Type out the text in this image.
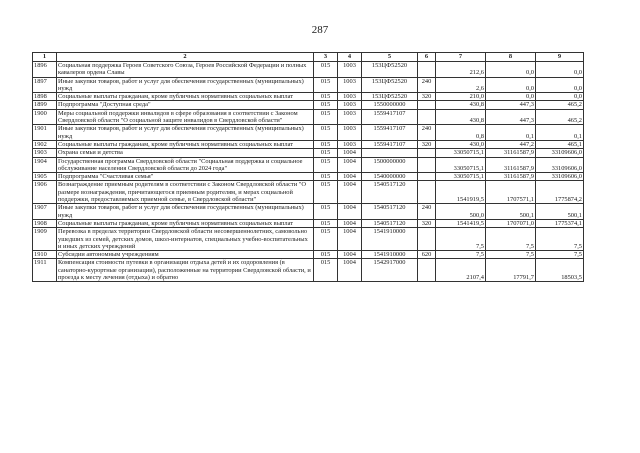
287
1	2	3	4	5	6	7	8	9
1896	Социальная поддержка Героев Советского Союза, Героев Российской Федерации и полных кавалеров ордена Славы	015	1003	153ЦФ52520		212,6	0,0	0,0
1897	Иные закупки товаров, работ и услуг для обеспечения государственных (муниципальных) нужд	015	1003	153ЦФ52520	240	2,6	0,0	0,0
1898	Социальные выплаты гражданам, кроме публичных нормативных социальных выплат	015	1003	153ЦФ52520	320	210,0	0,0	0,0
1899	Подпрограмма "Доступная среда"	015	1003	1550000000		430,8	447,3	465,2
1900	Меры социальной поддержки инвалидов в сфере образования в соответствии с Законом Свердловской области "О социальной защите инвалидов в Свердловской области"	015	1003	1559417107		430,8	447,3	465,2
1901	Иные закупки товаров, работ и услуг для обеспечения государственных (муниципальных) нужд	015	1003	1559417107	240	0,8	0,1	0,1
1902	Социальные выплаты гражданам, кроме публичных нормативных социальных выплат	015	1003	1559417107	320	430,0	447,2	465,1
1903	Охрана семьи и детства	015	1004			33050715,1	31161587,9	33109606,0
1904	Государственная программа Свердловской области "Социальная поддержка и социальное обслуживание населения Свердловской области до 2024 года"	015	1004	1500000000		33050715,1	31161587,9	33109606,0
1905	Подпрограмма "Счастливая семья"	015	1004	1540000000		33050715,1	31161587,9	33109606,0
1906	Вознаграждение приемным родителям в соответствии с Законом Свердловской области "О размере вознаграждения, причитающегося приемным родителям, и мерах социальной поддержки, предоставляемых приемной семье, в Свердловской области"	015	1004	1540517120		1541919,5	1707571,1	1775874,2
1907	Иные закупки товаров, работ и услуг для обеспечения государственных (муниципальных) нужд	015	1004	1540517120	240	500,0	500,1	500,1
1908	Социальные выплаты гражданам, кроме публичных нормативных социальных выплат	015	1004	1540517120	320	1541419,5	1707071,0	1775374,1
1909	Перевозка в пределах территории Свердловской области несовершеннолетних, самовольно ушедших из семей, детских домов, школ-интернатов, специальных учебно-воспитательных и иных детских учреждений	015	1004	1541910000		7,5	7,5	7,5
1910	Субсидии автономным учреждениям	015	1004	1541910000	620	7,5	7,5	7,5
1911	Компенсация стоимости путевки в организации отдыха детей и их оздоровления (в санаторно-курортные организации), расположенные на территории Свердловской области, и проезда к месту лечения (отдыха) и обратно	015	1004	1542917000		2107,4	17791,7	18503,5
